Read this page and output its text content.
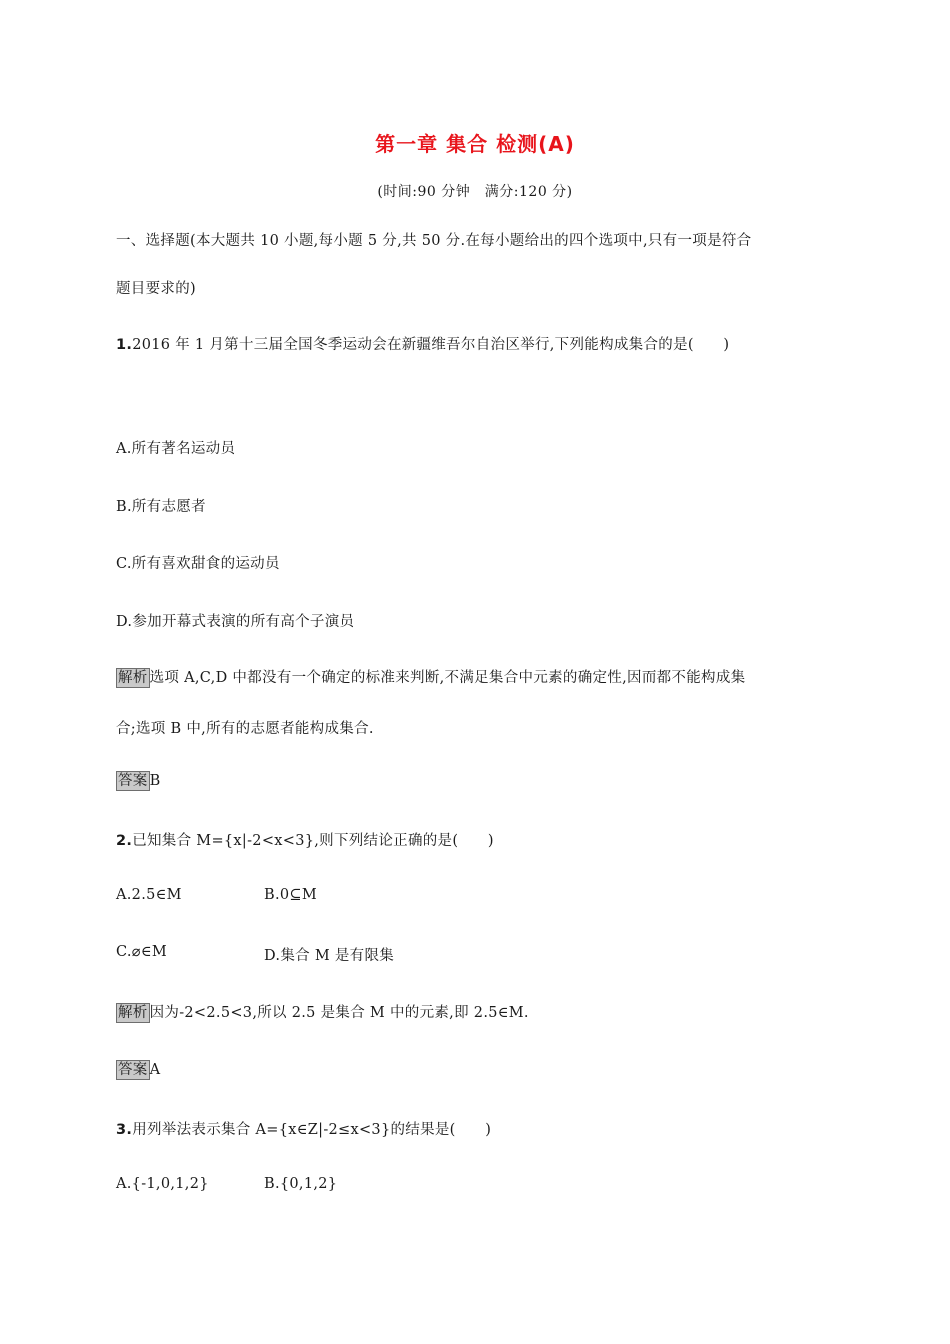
第一章 集合 检测(A)
(时间:90 分钟　满分:120 分)
一、选择题(本大题共 10 小题,每小题 5 分,共 50 分.在每小题给出的四个选项中,只有一项是符合
题目要求的)
1.2016 年 1 月第十三届全国冬季运动会在新疆维吾尔自治区举行,下列能构成集合的是(　　)
A.所有著名运动员
B.所有志愿者
C.所有喜欢甜食的运动员
D.参加开幕式表演的所有高个子演员
解析 选项 A,C,D 中都没有一个确定的标准来判断,不满足集合中元素的确定性,因而都不能构成集
合;选项 B 中,所有的志愿者能构成集合.
答案 B
2.已知集合 M={x|-2<x<3},则下列结论正确的是(　　)
A.2.5∈M	B.0⊆M
C.⌀∈M	D.集合 M 是有限集
解析 因为-2<2.5<3,所以 2.5 是集合 M 中的元素,即 2.5∈M.
答案 A
3.用列举法表示集合 A={x∈Z|-2≤x<3}的结果是(　　)
A.{-1,0,1,2}	B.{0,1,2}
